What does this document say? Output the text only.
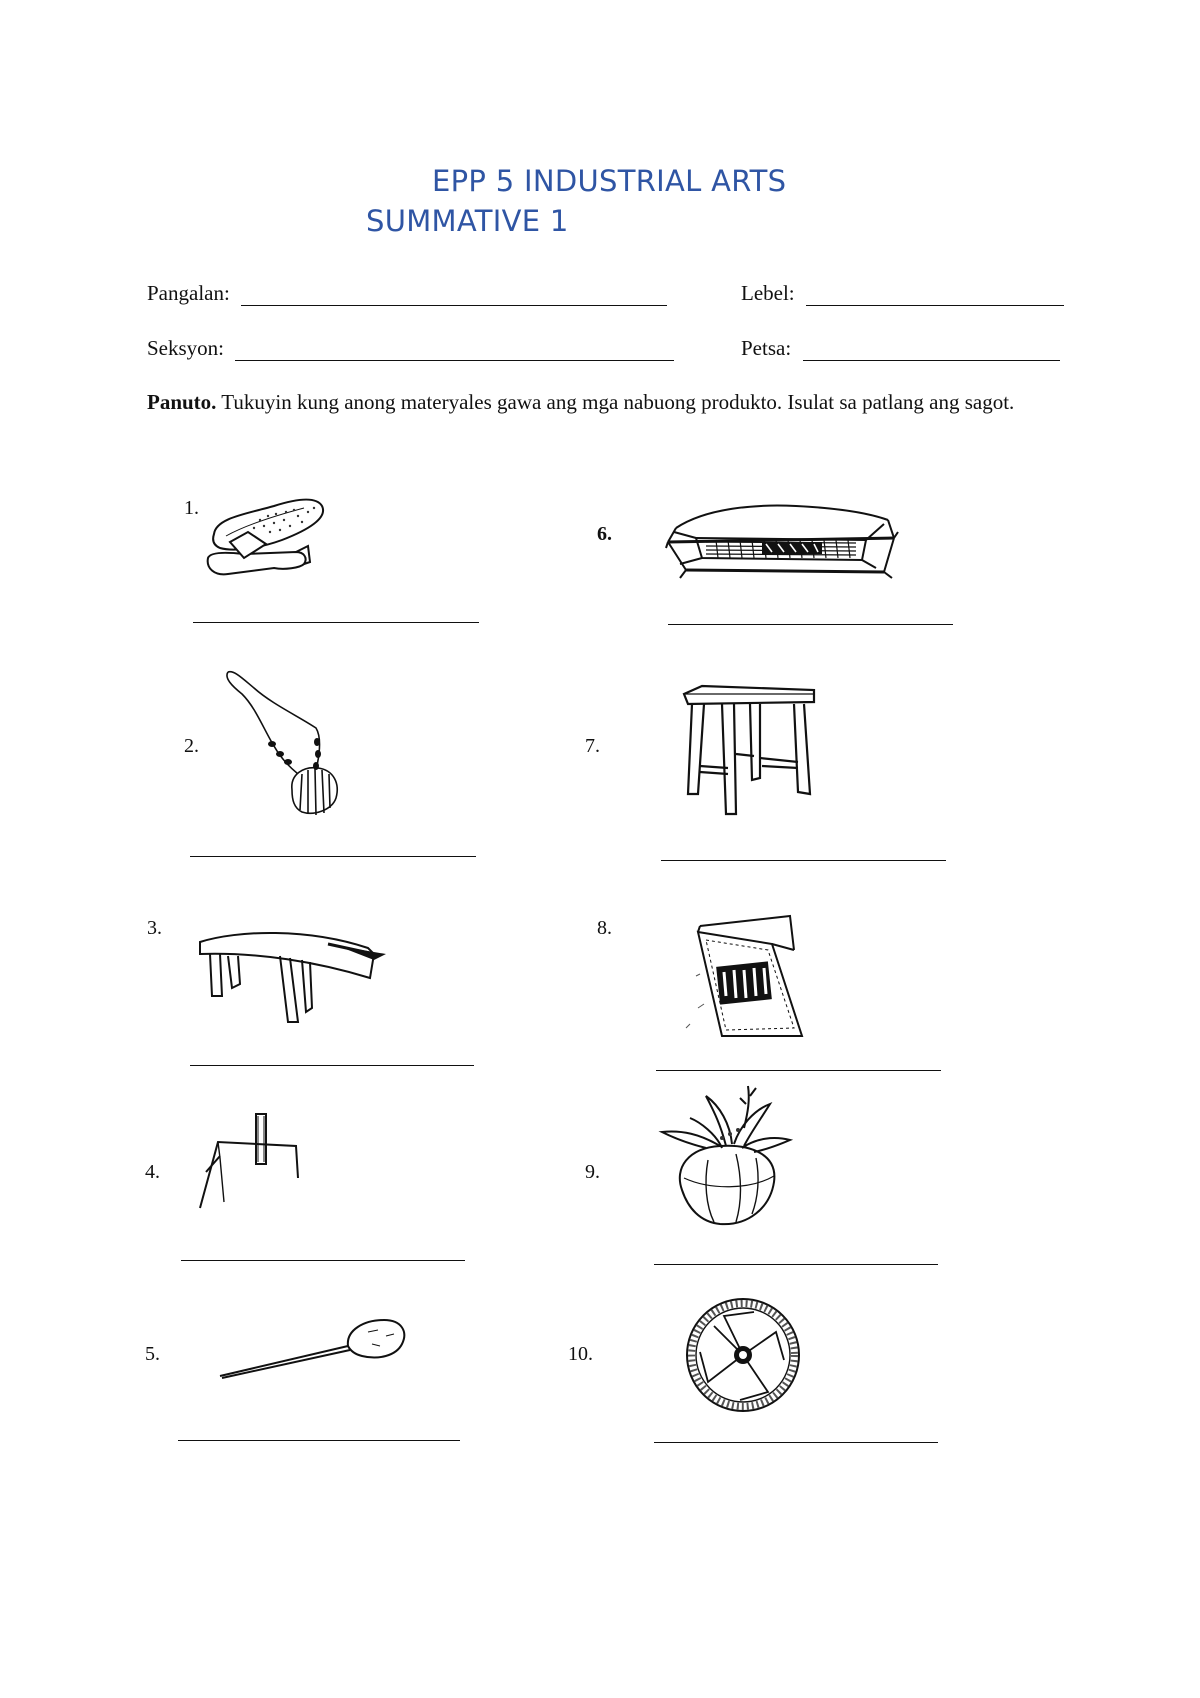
EPP 5 INDUSTRIAL ARTS
SUMMATIVE 1
Pangalan:	Lebel:
Seksyon:	Petsa:
Panuto. Tukuyin kung anong materyales gawa ang mga nabuong produkto. Isulat sa patlang ang sagot.
1.
2.
3.
4.
5.
6.
7.
8.
9.
10.
